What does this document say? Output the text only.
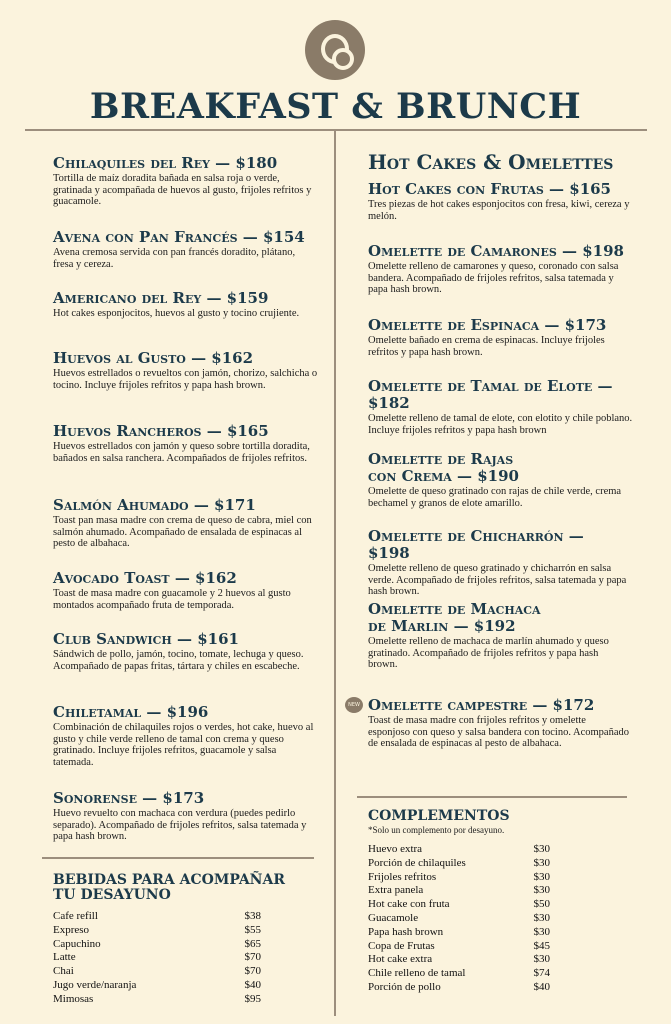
BREAKFAST & BRUNCH
Chilaquiles del Rey — $180

Tortilla de maíz doradita bañada en salsa roja o verde, gratinada y acompañada de huevos al gusto, frijoles refritos y guacamole.

Avena con Pan Francés — $154

Avena cremosa servida con pan francés doradito, plátano, fresa y cereza.

Americano del Rey — $159

Hot cakes esponjocitos, huevos al gusto y tocino crujiente.

Huevos al Gusto — $162

Huevos estrellados o revueltos con jamón, chorizo, salchicha o tocino. Incluye frijoles refritos y papa hash brown.

Huevos Rancheros — $165

Huevos estrellados con jamón y queso sobre tortilla doradita, bañados en salsa ranchera. Acompañados de frijoles refritos.

Salmón Ahumado — $171

Toast pan masa madre con crema de queso de cabra, miel con salmón ahumado. Acompañado de ensalada de espinacas al pesto de albahaca.

Avocado Toast — $162

Toast de masa madre con guacamole y 2 huevos al gusto montados acompañado fruta de temporada.

Club Sandwich — $161

Sándwich de pollo, jamón, tocino, tomate, lechuga y queso. Acompañado de papas fritas, tártara y chiles en escabeche.

Chiletamal — $196

Combinación de chilaquiles rojos o verdes, hot cake, huevo al gusto y chile verde relleno de tamal con crema y queso gratinado. Incluye frijoles refritos, guacamole y salsa tatemada.

Sonorense — $173

Huevo revuelto con machaca con verdura (puedes pedirlo separado). Acompañado de frijoles refritos, salsa tatemada y papa hash brown.

BEBIDAS PARA ACOMPAÑAR
TU DESAYUNO
Cafe refill	$38
Expreso	$55
Capuchino	$65
Latte	$70
Chai	$70
Jugo verde/naranja	$40
Mimosas	$95
Hot Cakes & Omelettes
Hot Cakes con Frutas — $165

Tres piezas de hot cakes esponjocitos con fresa, kiwi, cereza y melón.

Omelette de Camarones — $198

Omelette relleno de camarones y queso, coronado con salsa bandera. Acompañado de frijoles refritos, salsa tatemada y papa hash brown.

Omelette de Espinaca — $173

Omelette bañado en crema de espinacas. Incluye frijoles refritos y papa hash brown.

Omelette de Tamal de Elote — $182

Omelette relleno de tamal de elote, con elotito y chile poblano. Incluye frijoles refritos y papa hash brown

Omelette de Rajas
con Crema — $190

Omelette de queso gratinado con rajas de chile verde, crema bechamel y granos de elote amarillo.

Omelette de Chicharrón — $198

Omelette relleno de queso gratinado y chicharrón en salsa verde. Acompañado de frijoles refritos, salsa tatemada y papa hash brown.

Omelette de Machaca
de Marlin — $192

Omelette relleno de machaca de marlín ahumado y queso gratinado. Acompañado de frijoles refritos y papa hash brown.

NEW Omelette campestre — $172

Toast de masa madre con frijoles refritos y omelette esponjoso con queso y salsa bandera con tocino. Acompañado de ensalada de espinacas al pesto de albahaca.

COMPLEMENTOS
*Solo un complemento por desayuno.
Huevo extra	$30
Porción de chilaquiles	$30
Frijoles refritos	$30
Extra panela	$30
Hot cake con fruta	$50
Guacamole	$30
Papa hash brown	$30
Copa de Frutas	$45
Hot cake extra	$30
Chile relleno de tamal	$74
Porción de pollo	$40
